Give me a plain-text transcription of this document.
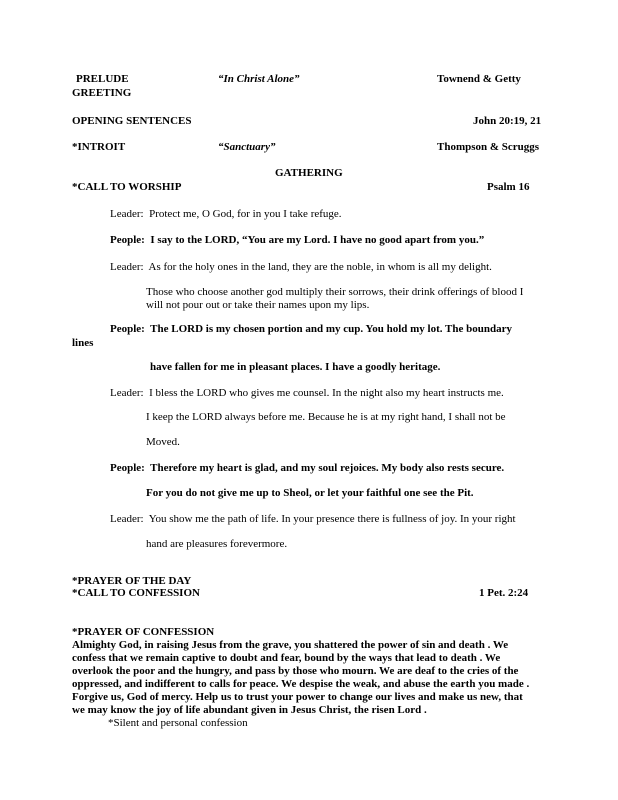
PRELUDE	“In Christ Alone”	Townend & Getty
GREETING
OPENING SENTENCES	John 20:19, 21
*INTROIT	“Sanctuary”	Thompson & Scruggs
GATHERING
*CALL TO WORSHIP	Psalm 16
Leader: Protect me, O God, for in you I take refuge.
People: I say to the LORD, “You are my Lord. I have no good apart from you.”
Leader: As for the holy ones in the land, they are the noble, in whom is all my delight.
Those who choose another god multiply their sorrows, their drink offerings of blood I
will not pour out or take their names upon my lips.
People: The LORD is my chosen portion and my cup. You hold my lot. The boundary
lines
have fallen for me in pleasant places. I have a goodly heritage.
Leader: I bless the LORD who gives me counsel. In the night also my heart instructs me.
I keep the LORD always before me. Because he is at my right hand, I shall not be
Moved.
People: Therefore my heart is glad, and my soul rejoices. My body also rests secure.
For you do not give me up to Sheol, or let your faithful one see the Pit.
Leader: You show me the path of life. In your presence there is fullness of joy. In your right
hand are pleasures forevermore.
*PRAYER OF THE DAY
*CALL TO CONFESSION	1 Pet. 2:24
*PRAYER OF CONFESSION
Almighty God, in raising Jesus from the grave, you shattered the power of sin and death . We
confess that we remain captive to doubt and fear, bound by the ways that lead to death . We
overlook the poor and the hungry, and pass by those who mourn. We are deaf to the cries of the
oppressed, and indifferent to calls for peace. We despise the weak, and abuse the earth you made .
Forgive us, God of mercy. Help us to trust your power to change our lives and make us new, that
we may know the joy of life abundant given in Jesus Christ, the risen Lord .
*Silent and personal confession
